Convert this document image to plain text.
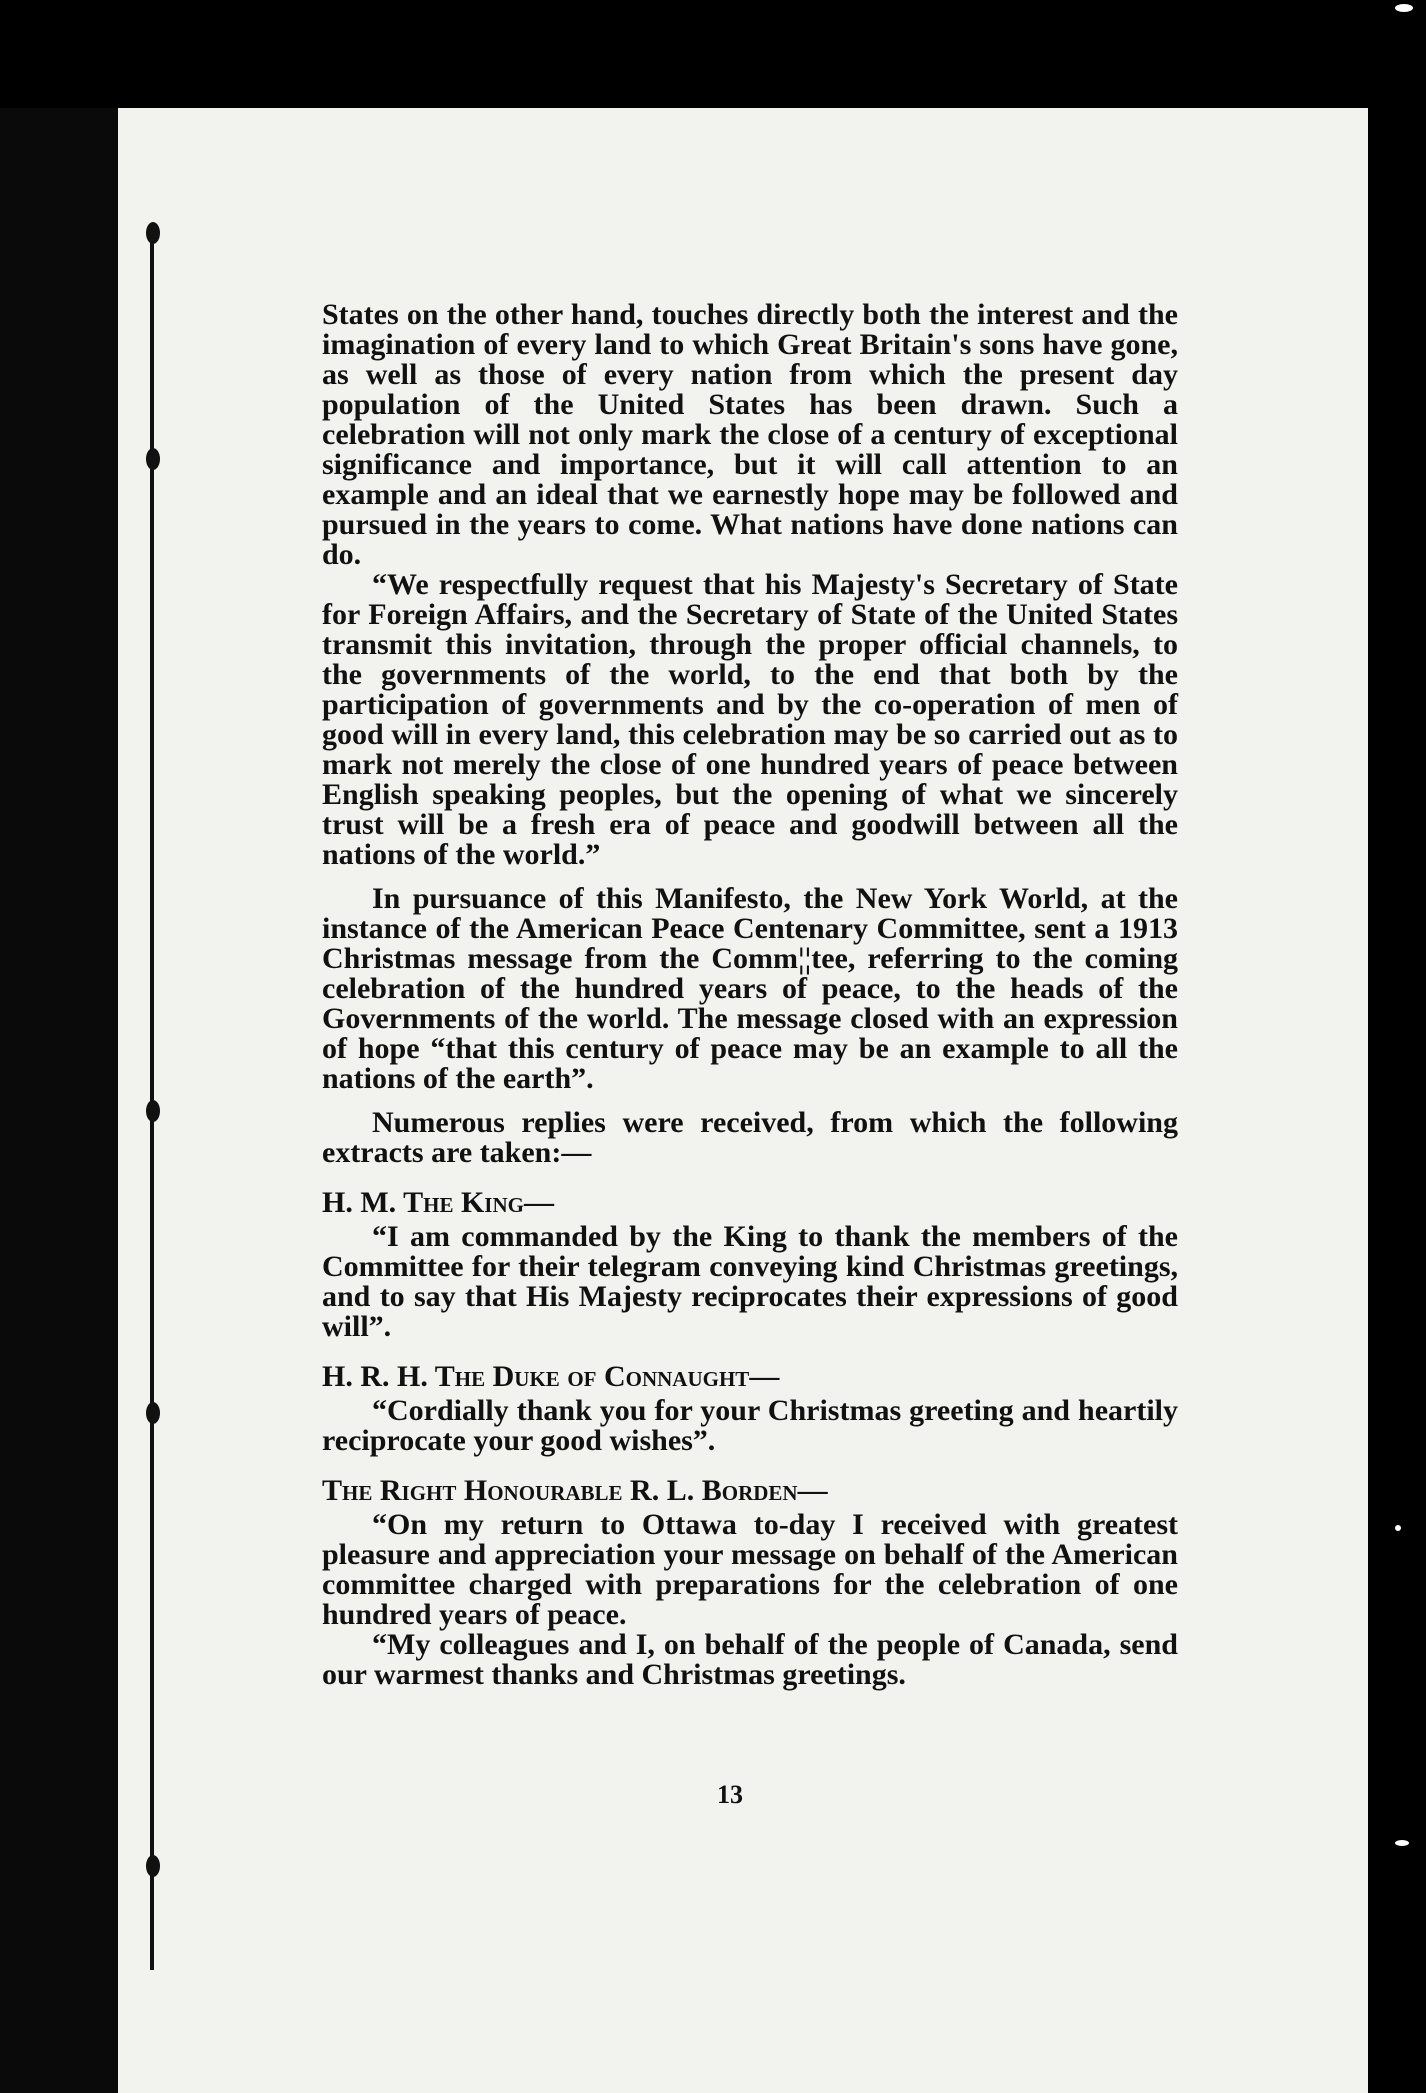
States on the other hand, touches directly both the interest and the imagination of every land to which Great Britain's sons have gone, as well as those of every nation from which the present day population of the United States has been drawn. Such a celebration will not only mark the close of a century of exceptional significance and importance, but it will call attention to an example and an ideal that we earnestly hope may be followed and pursued in the years to come. What nations have done nations can do.

“We respectfully request that his Majesty's Secretary of State for Foreign Affairs, and the Secretary of State of the United States transmit this invitation, through the proper official channels, to the governments of the world, to the end that both by the participation of governments and by the co-operation of men of good will in every land, this celebration may be so carried out as to mark not merely the close of one hundred years of peace between English speaking peoples, but the opening of what we sincerely trust will be a fresh era of peace and goodwill between all the nations of the world.”

In pursuance of this Manifesto, the New York World, at the instance of the American Peace Centenary Committee, sent a 1913 Christmas message from the Comm¦¦tee, referring to the coming celebration of the hundred years of peace, to the heads of the Governments of the world. The message closed with an expression of hope “that this century of peace may be an example to all the nations of the earth”.

Numerous replies were received, from which the following extracts are taken:—

H. M. The King—

“I am commanded by the King to thank the members of the Committee for their telegram conveying kind Christmas greetings, and to say that His Majesty reciprocates their expressions of good will”.

H. R. H. The Duke of Connaught—

“Cordially thank you for your Christmas greeting and heartily reciprocate your good wishes”.

The Right Honourable R. L. Borden—

“On my return to Ottawa to-day I received with greatest pleasure and appreciation your message on behalf of the American committee charged with preparations for the celebration of one hundred years of peace.

“My colleagues and I, on behalf of the people of Canada, send our warmest thanks and Christmas greetings.

13
